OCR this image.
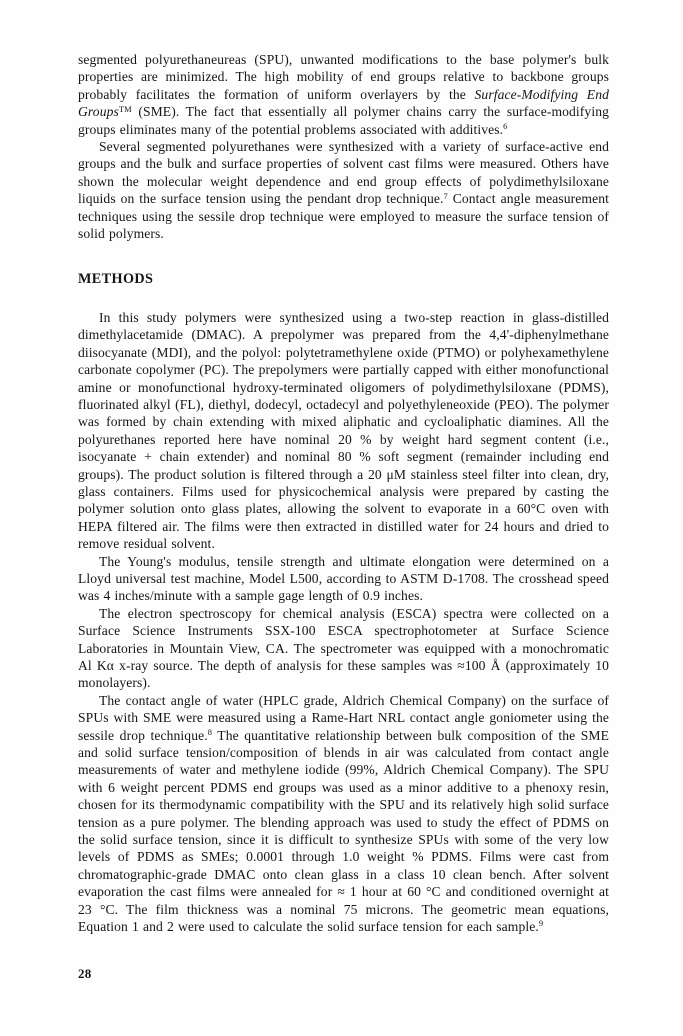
segmented polyurethaneureas (SPU), unwanted modifications to the base polymer's bulk properties are minimized. The high mobility of end groups relative to backbone groups probably facilitates the formation of uniform overlayers by the Surface-Modifying End Groups™ (SME). The fact that essentially all polymer chains carry the surface-modifying groups eliminates many of the potential problems associated with additives.$^6$

Several segmented polyurethanes were synthesized with a variety of surface-active end groups and the bulk and surface properties of solvent cast films were measured. Others have shown the molecular weight dependence and end group effects of polydimethylsiloxane liquids on the surface tension using the pendant drop technique.$^7$ Contact angle measurement techniques using the sessile drop technique were employed to measure the surface tension of solid polymers.

METHODS

In this study polymers were synthesized using a two-step reaction in glass-distilled dimethylacetamide (DMAC). A prepolymer was prepared from the 4,4'-diphenylmethane diisocyanate (MDI), and the polyol: polytetramethylene oxide (PTMO) or polyhexamethylene carbonate copolymer (PC). The prepolymers were partially capped with either monofunctional amine or monofunctional hydroxy-terminated oligomers of polydimethylsiloxane (PDMS), fluorinated alkyl (FL), diethyl, dodecyl, octadecyl and polyethyleneoxide (PEO). The polymer was formed by chain extending with mixed aliphatic and cycloaliphatic diamines. All the polyurethanes reported here have nominal 20 % by weight hard segment content (i.e., isocyanate + chain extender) and nominal 80 % soft segment (remainder including end groups). The product solution is filtered through a 20 μM stainless steel filter into clean, dry, glass containers. Films used for physicochemical analysis were prepared by casting the polymer solution onto glass plates, allowing the solvent to evaporate in a 60°C oven with HEPA filtered air. The films were then extracted in distilled water for 24 hours and dried to remove residual solvent.

The Young's modulus, tensile strength and ultimate elongation were determined on a Lloyd universal test machine, Model L500, according to ASTM D-1708. The crosshead speed was 4 inches/minute with a sample gage length of 0.9 inches.

The electron spectroscopy for chemical analysis (ESCA) spectra were collected on a Surface Science Instruments SSX-100 ESCA spectrophotometer at Surface Science Laboratories in Mountain View, CA. The spectrometer was equipped with a monochromatic Al Kα x-ray source. The depth of analysis for these samples was ≈100 Å (approximately 10 monolayers).

The contact angle of water (HPLC grade, Aldrich Chemical Company) on the surface of SPUs with SME were measured using a Rame-Hart NRL contact angle goniometer using the sessile drop technique.$^8$ The quantitative relationship between bulk composition of the SME and solid surface tension/composition of blends in air was calculated from contact angle measurements of water and methylene iodide (99%, Aldrich Chemical Company). The SPU with 6 weight percent PDMS end groups was used as a minor additive to a phenoxy resin, chosen for its thermodynamic compatibility with the SPU and its relatively high solid surface tension as a pure polymer. The blending approach was used to study the effect of PDMS on the solid surface tension, since it is difficult to synthesize SPUs with some of the very low levels of PDMS as SMEs; 0.0001 through 1.0 weight % PDMS. Films were cast from chromatographic-grade DMAC onto clean glass in a class 10 clean bench. After solvent evaporation the cast films were annealed for ≈ 1 hour at 60 °C and conditioned overnight at 23 °C. The film thickness was a nominal 75 microns. The geometric mean equations, Equation 1 and 2 were used to calculate the solid surface tension for each sample.$^9$

28
